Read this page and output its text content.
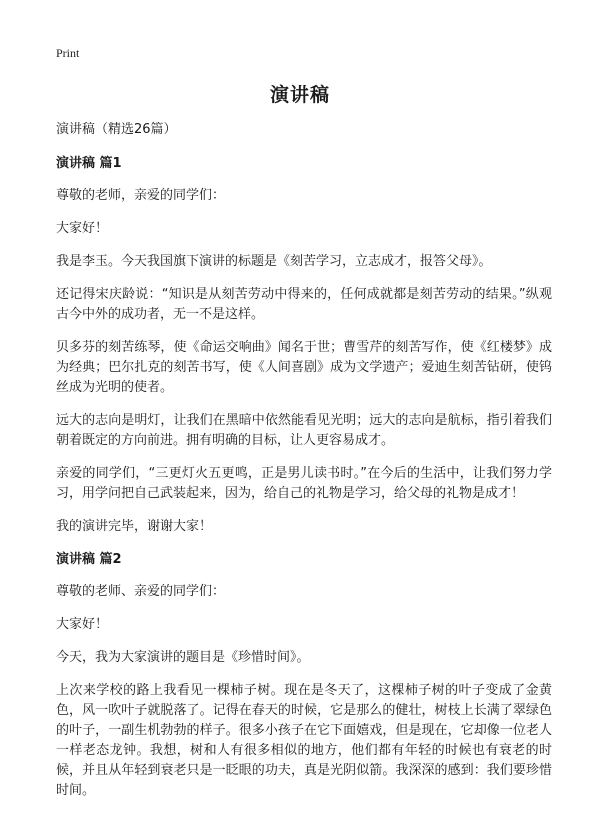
Print
演讲稿

演讲稿（精选26篇）

演讲稿 篇1

尊敬的老师，亲爱的同学们：

大家好！

我是李玉。今天我国旗下演讲的标题是《刻苦学习，立志成才，报答父母》。

还记得宋庆龄说：“知识是从刻苦劳动中得来的，任何成就都是刻苦劳动的结果。”纵观古今中外的成功者，无一不是这样。

贝多芬的刻苦练琴，使《命运交响曲》闻名于世；曹雪芹的刻苦写作，使《红楼梦》成为经典；巴尔扎克的刻苦书写，使《人间喜剧》成为文学遗产；爱迪生刻苦钻研，使钨丝成为光明的使者。

远大的志向是明灯，让我们在黑暗中依然能看见光明；远大的志向是航标，指引着我们朝着既定的方向前进。拥有明确的目标，让人更容易成才。

亲爱的同学们，“三更灯火五更鸣，正是男儿读书时。”在今后的生活中，让我们努力学习，用学问把自己武装起来，因为，给自己的礼物是学习，给父母的礼物是成才！

我的演讲完毕，谢谢大家！

演讲稿 篇2

尊敬的老师、亲爱的同学们：

大家好！

今天，我为大家演讲的题目是《珍惜时间》。

上次来学校的路上我看见一棵柿子树。现在是冬天了，这棵柿子树的叶子变成了金黄色，风一吹叶子就脱落了。记得在春天的时候，它是那么的健壮，树枝上长满了翠绿色的叶子，一副生机勃勃的样子。很多小孩子在它下面嬉戏，但是现在，它却像一位老人一样老态龙钟。我想，树和人有很多相似的地方，他们都有年轻的时候也有衰老的时候，并且从年轻到衰老只是一眨眼的功夫，真是光阴似箭。我深深的感到：我们要珍惜时间。
